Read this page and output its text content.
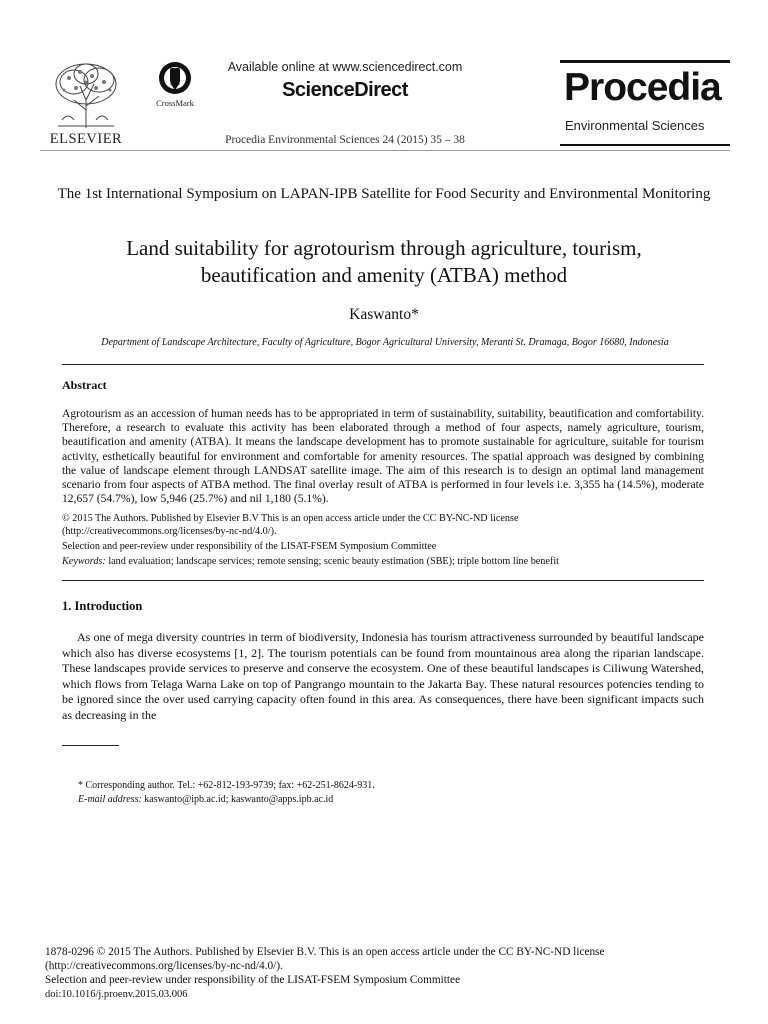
ELSEVIER
CrossMark
Available online at www.sciencedirect.com
ScienceDirect
Procedia Environmental Sciences 24 (2015) 35 – 38
Procedia
Environmental Sciences
The 1st International Symposium on LAPAN-IPB Satellite for Food Security and Environmental Monitoring
Land suitability for agrotourism through agriculture, tourism,
beautification and amenity (ATBA) method
Kaswanto*
Department of Landscape Architecture, Faculty of Agriculture, Bogor Agricultural University, Meranti St. Dramaga, Bogor 16680, Indonesia
Abstract
Agrotourism as an accession of human needs has to be appropriated in term of sustainability, suitability, beautification and comfortability. Therefore, a research to evaluate this activity has been elaborated through a method of four aspects, namely agriculture, tourism, beautification and amenity (ATBA). It means the landscape development has to promote sustainable for agriculture, suitable for tourism activity, esthetically beautiful for environment and comfortable for amenity resources. The spatial approach was designed by combining the value of landscape element through LANDSAT satellite image. The aim of this research is to design an optimal land management scenario from four aspects of ATBA method. The final overlay result of ATBA is performed in four levels i.e. 3,355 ha (14.5%), moderate 12,657 (54.7%), low 5,946 (25.7%) and nil 1,180 (5.1%).
© 2015 The Authors. Published by Elsevier B.V This is an open access article under the CC BY-NC-ND license
(http://creativecommons.org/licenses/by-nc-nd/4.0/).
Selection and peer-review under responsibility of the LISAT-FSEM Symposium Committee
Keywords: land evaluation; landscape services; remote sensing; scenic beauty estimation (SBE); triple bottom line benefit
1. Introduction
As one of mega diversity countries in term of biodiversity, Indonesia has tourism attractiveness surrounded by beautiful landscape which also has diverse ecosystems [1, 2]. The tourism potentials can be found from mountainous area along the riparian landscape. These landscapes provide services to preserve and conserve the ecosystem. One of these beautiful landscapes is Ciliwung Watershed, which flows from Telaga Warna Lake on top of Pangrango mountain to the Jakarta Bay. These natural resources potencies tending to be ignored since the over used carrying capacity often found in this area. As consequences, there have been significant impacts such as decreasing in the
* Corresponding author. Tel.: +62-812-193-9739; fax: +62-251-8624-931.
E-mail address: kaswanto@ipb.ac.id; kaswanto@apps.ipb.ac.id
1878-0296 © 2015 The Authors. Published by Elsevier B.V. This is an open access article under the CC BY-NC-ND license
(http://creativecommons.org/licenses/by-nc-nd/4.0/).
Selection and peer-review under responsibility of the LISAT-FSEM Symposium Committee
doi:10.1016/j.proenv.2015.03.006
